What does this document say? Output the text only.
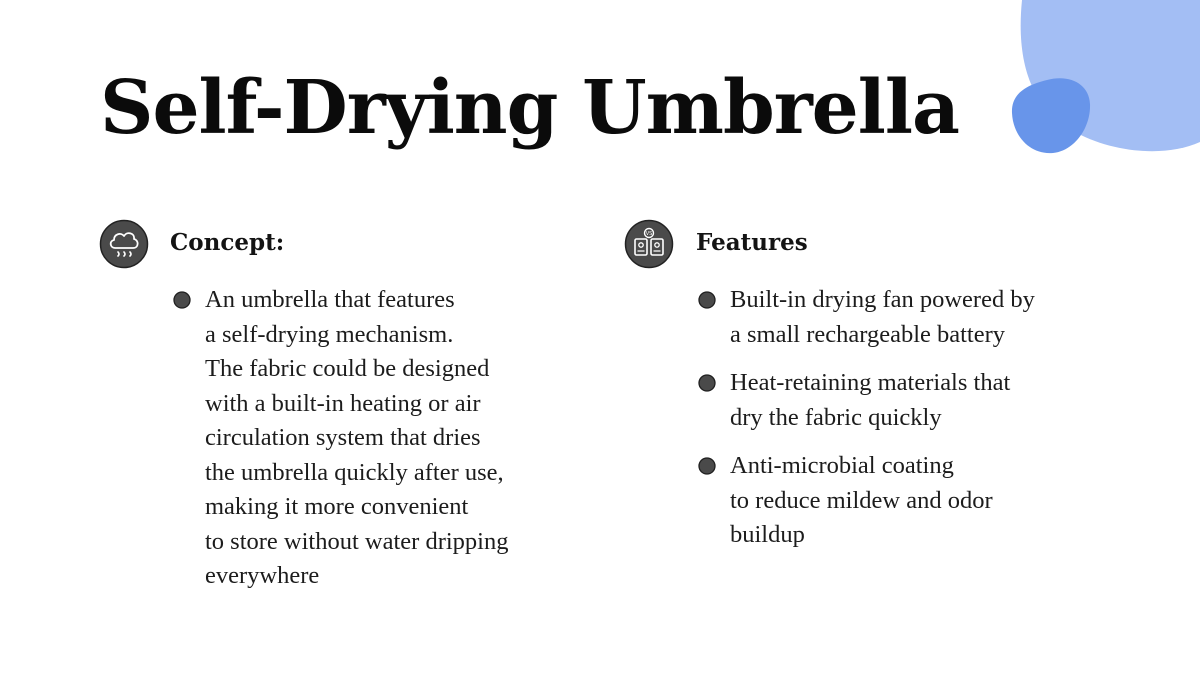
Self-Drying Umbrella
Concept:
An umbrella that features
a self-drying mechanism.
The fabric could be designed
with a built-in heating or air
circulation system that dries
the umbrella quickly after use,
making it more convenient
to store without water dripping
everywhere
VS Features
Built-in drying fan powered by
a small rechargeable battery
Heat-retaining materials that
dry the fabric quickly
Anti-microbial coating
to reduce mildew and odor
buildup
